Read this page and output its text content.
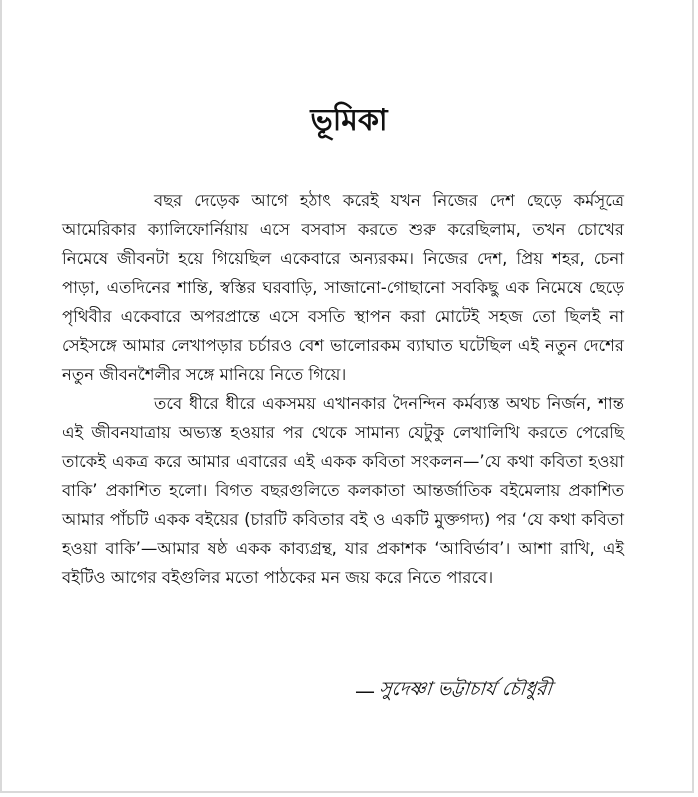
ভূমিকা

বছর দেড়েক আগে হঠাৎ করেই যখন নিজের দেশ ছেড়ে কর্মসূত্রে আমেরিকার ক্যালিফোর্নিয়ায় এসে বসবাস করতে শুরু করেছিলাম, তখন চোখের নিমেষে জীবনটা হয়ে গিয়েছিল একেবারে অন্যরকম। নিজের দেশ, প্রিয় শহর, চেনা পাড়া, এতদিনের শান্তি, স্বস্তির ঘরবাড়ি, সাজানো-গোছানো সবকিছু এক নিমেষে ছেড়ে পৃথিবীর একেবারে অপরপ্রান্তে এসে বসতি স্থাপন করা মোটেই সহজ তো ছিলই না সেইসঙ্গে আমার লেখাপড়ার চর্চারও বেশ ভালোরকম ব্যাঘাত ঘটেছিল এই নতুন দেশের নতুন জীবনশৈলীর সঙ্গে মানিয়ে নিতে গিয়ে।

তবে ধীরে ধীরে একসময় এখানকার দৈনন্দিন কর্মব্যস্ত অথচ নির্জন, শান্ত এই জীবনযাত্রায় অভ্যস্ত হওয়ার পর থেকে সামান্য যেটুকু লেখালিখি করতে পেরেছি তাকেই একত্র করে আমার এবারের এই একক কবিতা সংকলন—’যে কথা কবিতা হওয়া বাকি’ প্রকাশিত হলো। বিগত বছরগুলিতে কলকাতা আন্তর্জাতিক বইমেলায় প্রকাশিত আমার পাঁচটি একক বইয়ের (চারটি কবিতার বই ও একটি মুক্তগদ্য) পর ‘যে কথা কবিতা হওয়া বাকি’—আমার ষষ্ঠ একক কাব্যগ্রন্থ, যার প্রকাশক ‘আবির্ভাব’। আশা রাখি, এই বইটিও আগের বইগুলির মতো পাঠকের মন জয় করে নিতে পারবে।

— সুদেষ্ণা ভট্টাচার্য চৌধুরী
